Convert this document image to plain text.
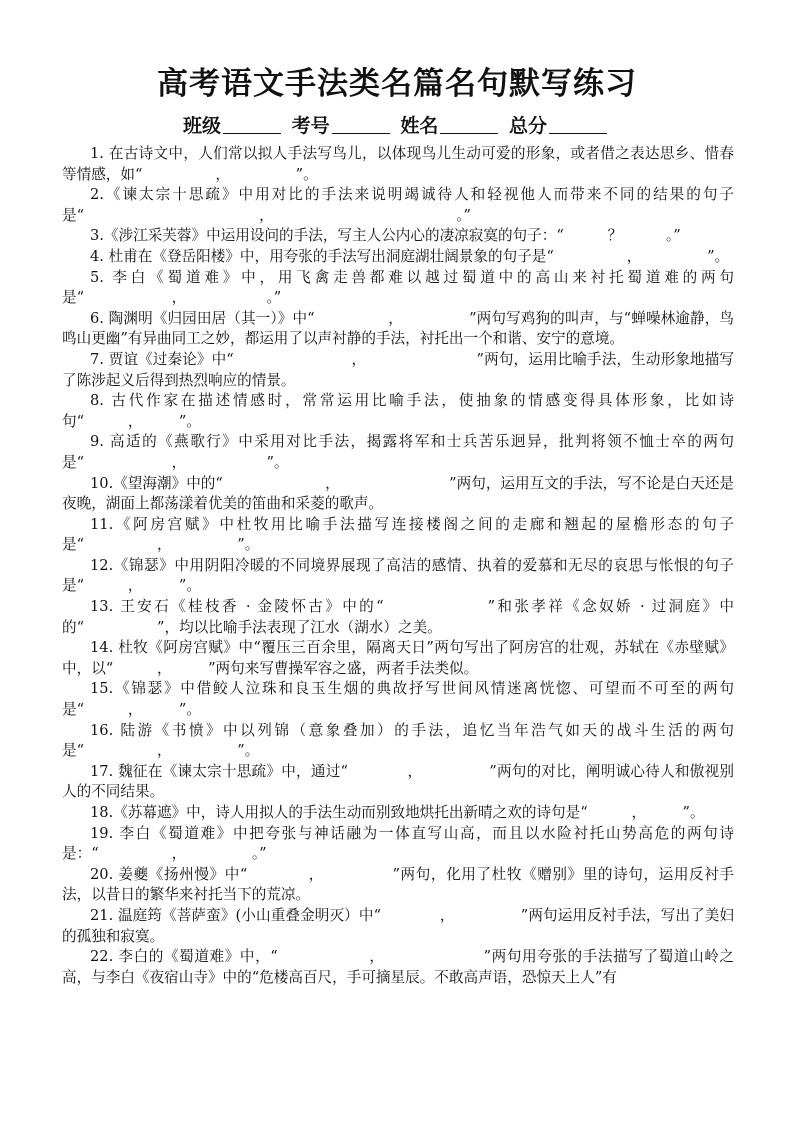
高考语文手法类名篇名句默写练习
班级	考号	姓名	总分

1. 在古诗文中，人们常以拟人手法写鸟儿，以体现鸟儿生动可爱的形象，或者借之表达思乡、惜春等情感，如“　　　　　，　　　　　”。

2.《谏太宗十思疏》中用对比的手法来说明竭诚待人和轻视他人而带来不同的结果的句子是“　　　　　　　　　　　　，　　　　　　　　　　　　　。”

3.《涉江采芙蓉》中运用设问的手法，写主人公内心的凄凉寂寞的句子：“　　　？　　　。”

4. 杜甫在《登岳阳楼》中，用夸张的手法写出洞庭湖壮阔景象的句子是“　　　　　，　　　　　”。

5. 李白《蜀道难》中，用飞禽走兽都难以越过蜀道中的高山来衬托蜀道难的两句是“　　　　　　，　　　　　　。”

6. 陶渊明《归园田居（其一）》中“　　　　　，　　　　　”两句写鸡狗的叫声，与“蝉噪林逾静，鸟鸣山更幽”有异曲同工之妙，都运用了以声衬静的手法，衬托出一个和谐、安宁的意境。

7. 贾谊《过秦论》中“　　　　　　　　，　　　　　　　　”两句，运用比喻手法，生动形象地描写了陈涉起义后得到热烈响应的情景。

8. 古代作家在描述情感时，常常运用比喻手法，使抽象的情感变得具体形象，比如诗句“　　　，　　　”。

9. 高适的《燕歌行》中采用对比手法，揭露将军和士兵苦乐迥异，批判将领不恤士卒的两句是“　　　　　　，　　　　　　”。

10.《望海潮》中的“　　　　　　　，　　　　　　　　”两句，运用互文的手法，写不论是白天还是夜晚，湖面上都荡漾着优美的笛曲和采菱的歌声。

11.《阿房宫赋》中杜牧用比喻手法描写连接楼阁之间的走廊和翘起的屋檐形态的句子是“　　　　　，　　　　　”。

12.《锦瑟》中用阴阳冷暖的不同境界展现了高洁的感情、执着的爱慕和无尽的哀思与怅恨的句子是“　　　，　　　”。

13. 王安石《桂枝香 · 金陵怀古》中的“　　　　　　”和张孝祥《念奴娇 · 过洞庭》中的“　　　　　”，均以比喻手法表现了江水（湖水）之美。

14. 杜牧《阿房宫赋》中“覆压三百余里，隔离天日”两句写出了阿房宫的壮观，苏轼在《赤壁赋》中，以“　　　，　　　”两句来写曹操军容之盛，两者手法类似。

15.《锦瑟》中借鲛人泣珠和良玉生烟的典故抒写世间风情迷离恍惚、可望而不可至的两句是“　　　，　　　”。

16. 陆游《书愤》中以列锦（意象叠加）的手法，追忆当年浩气如天的战斗生活的两句是“　　　　　，　　　　　”。

17. 魏征在《谏太宗十思疏》中，通过“　　　　，　　　　　”两句的对比，阐明诚心待人和傲视别人的不同结果。

18.《苏幕遮》中，诗人用拟人的手法生动而别致地烘托出新晴之欢的诗句是“　　　，　　　”。

19. 李白《蜀道难》中把夸张与神话融为一体直写山高，而且以水险衬托山势高危的两句诗是：“　　　　　，　　　　　。”

20. 姜夔《扬州慢》中“　　　　，　　　　　”两句，化用了杜牧《赠别》里的诗句，运用反衬手法，以昔日的繁华来衬托当下的荒凉。

21. 温庭筠《菩萨蛮》(小山重叠金明灭）中“　　　　，　　　　　”两句运用反衬手法，写出了美妇的孤独和寂寞。

22. 李白的《蜀道难》中，“　　　　　　，　　　　　　　”两句用夸张的手法描写了蜀道山岭之高，与李白《夜宿山寺》中的“危楼高百尺，手可摘星辰。不敢高声语，恐惊天上人”有
